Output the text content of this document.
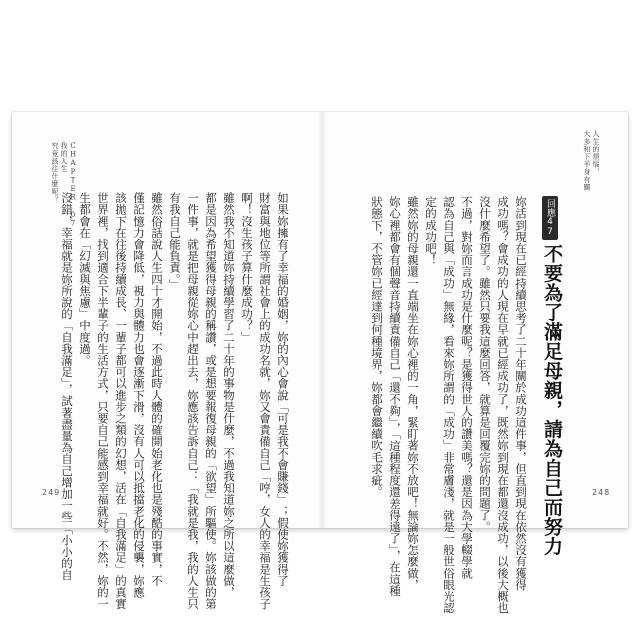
人生的煩惱，
大多和下半身有關
回應47
不要為了滿足母親，請為自己而努力
妳活到現在已經持續思考了二十年關於成功這件事，但直到現在依然沒有獲得
成功嗎？會成功的人現在早就已經成功了，既然妳到現在都還沒成功，以後大概也
沒什麼希望了。雖然只要我這麼回答，就算是回覆完妳的問題了。
不過，對妳而言成功是什麼呢？是獲得世人的讚美嗎？還是因為大學輟學就
認為自己與「成功」無緣，看來妳所謂的「成功」非常膚淺，就是一般世俗眼光認
定的成功吧！
雖然妳的母親還一直端坐在妳心裡的一角，緊盯著妳不放吧！無論妳怎麼做，
妳心裡都會有個聲音持續責備自己「還不夠」，「這種程度還差得遠了」，在這種
狀態下，不管妳已經達到何種境界，妳都會繼續吹毛求疵。	248
CHAPTER 07
我的人生
究竟該往什麼呢？
如果妳擁有了幸福的婚姻，妳的內心會說「可是我不會賺錢」；假使妳獲得了
財富與地位等所謂社會上的成功名就，妳又會責備自己「哼，女人的幸福是生孩子
啊！沒生孩子算什麼成功？」
雖然我不知道妳持續學習了二十年的事物是什麼，不過我知道妳之所以這麼做，
都是因為希望獲得母親的稱讚，或是想要報復母親的「欲望」所驅使。妳該做的第
一件事，就是把母親從妳心中趕出去，妳應該告訴自己：「我就是我，我的人生只
有我自己能負責。」
雖然俗話說人生四十才開始，不過此時人體的確開始老化也是殘酷的事實，不
僅記憶力會降低，視力與體力也會逐漸下滑，沒有人可以抵擋老化的侵襲，妳應
該拋下在往後持續成長、一輩子都可以進步之類的幻想，活在「自我滿足」的真實
世界裡，找到適合下半輩子的生活方式，只要自己能感到幸福就好。不然，妳的一
生都會在「幻滅與焦慮」中度過。
沒錯，幸福就是妳所說的「自我滿足」，試著盡量為自己增加一些「小小的自
249
